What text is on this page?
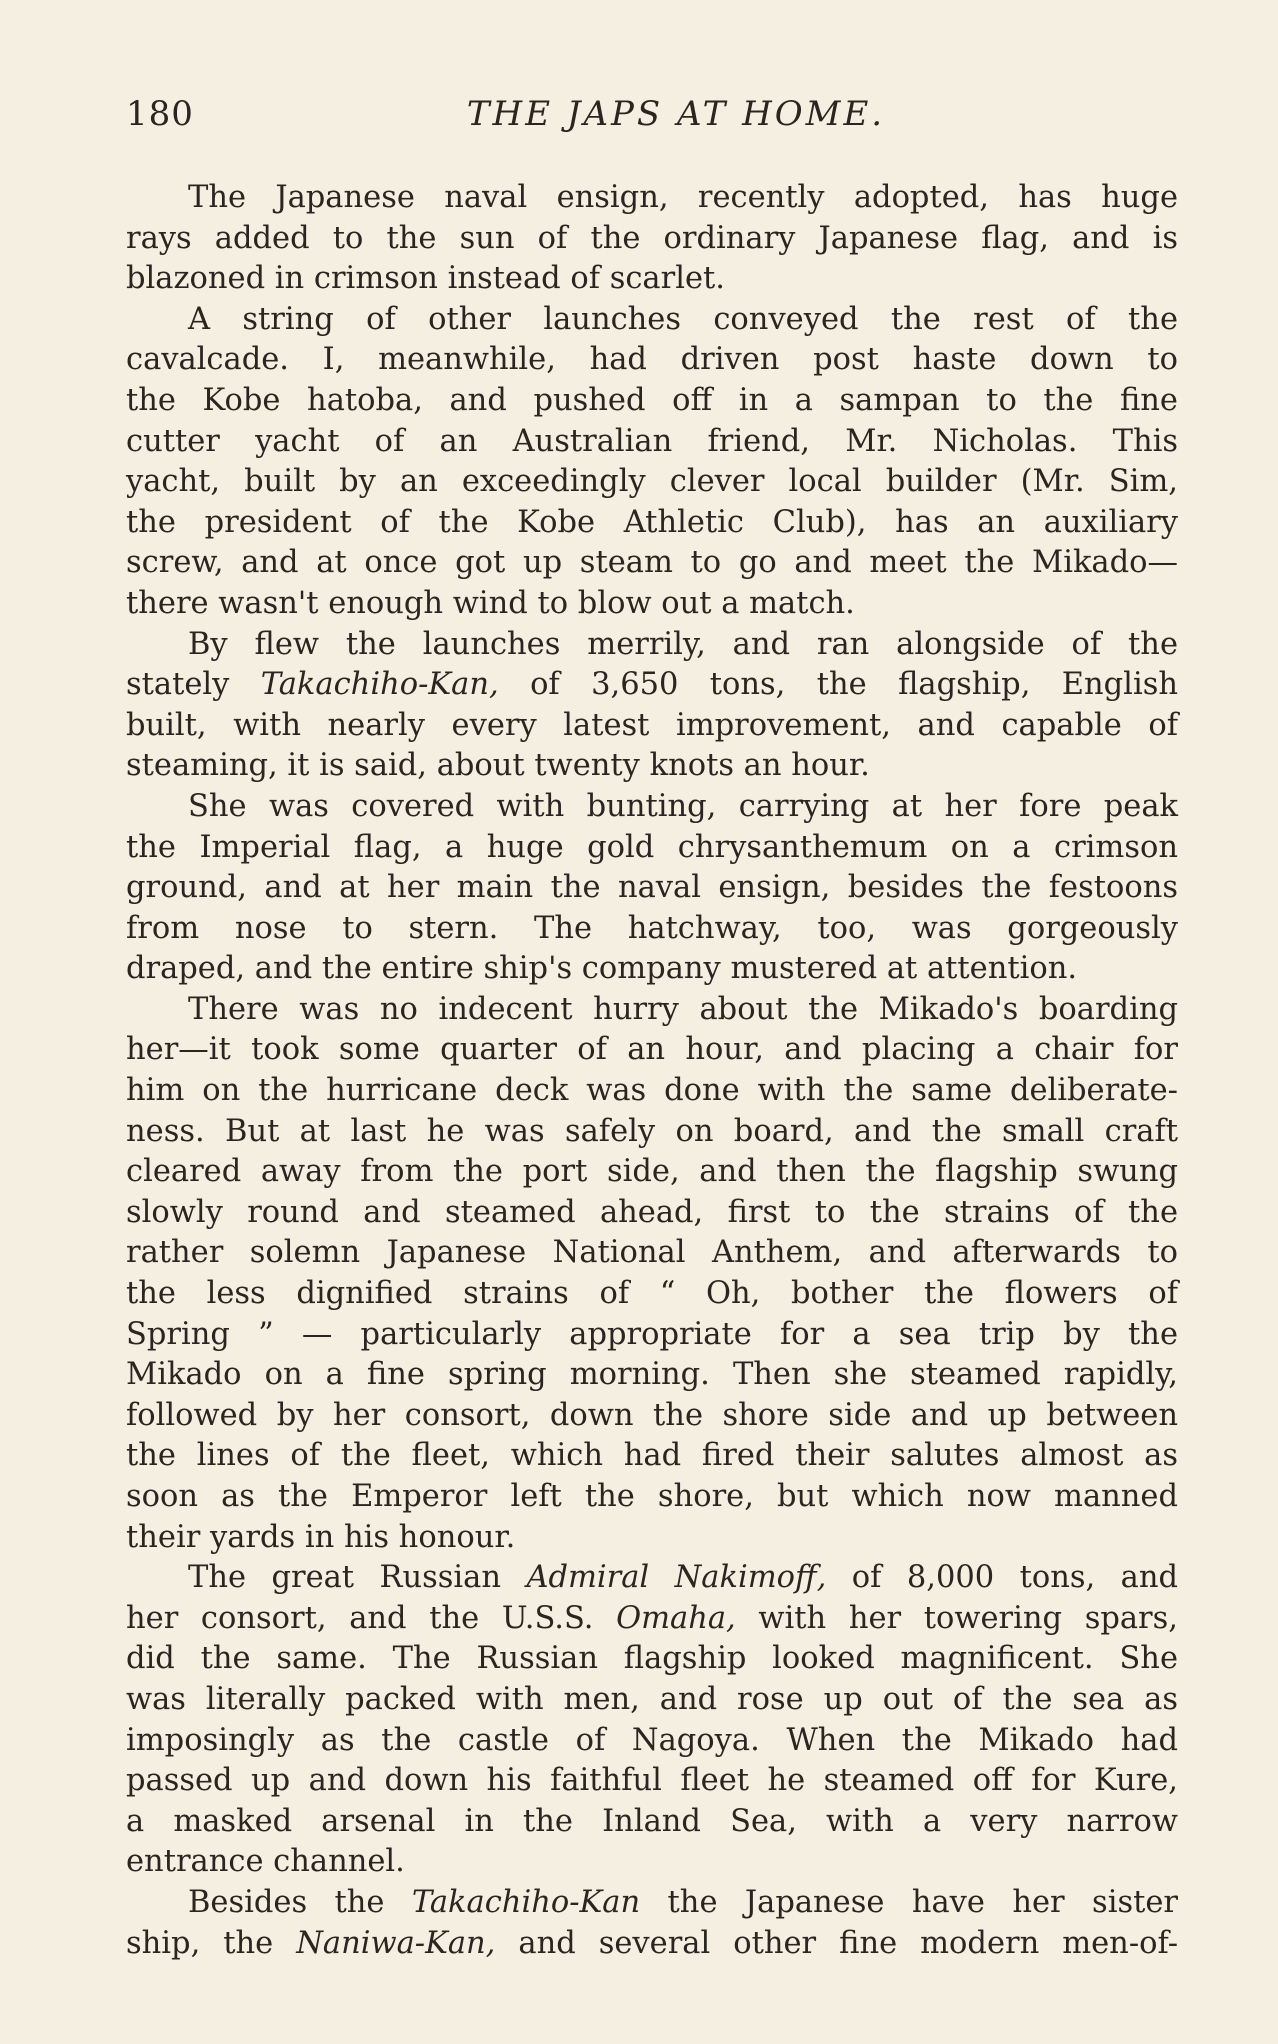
180	THE JAPS AT HOME.
The Japanese naval ensign, recently adopted, has huge
rays added to the sun of the ordinary Japanese flag, and is
blazoned in crimson instead of scarlet.
A string of other launches conveyed the rest of the
cavalcade. I, meanwhile, had driven post haste down to
the Kobe hatoba, and pushed off in a sampan to the fine
cutter yacht of an Australian friend, Mr. Nicholas. This
yacht, built by an exceedingly clever local builder (Mr. Sim,
the president of the Kobe Athletic Club), has an auxiliary
screw, and at once got up steam to go and meet the Mikado—
there wasn't enough wind to blow out a match.
By flew the launches merrily, and ran alongside of the
stately Takachiho-Kan, of 3,650 tons, the flagship, English
built, with nearly every latest improvement, and capable of
steaming, it is said, about twenty knots an hour.
She was covered with bunting, carrying at her fore peak
the Imperial flag, a huge gold chrysanthemum on a crimson
ground, and at her main the naval ensign, besides the festoons
from nose to stern. The hatchway, too, was gorgeously
draped, and the entire ship's company mustered at attention.
There was no indecent hurry about the Mikado's boarding
her—it took some quarter of an hour, and placing a chair for
him on the hurricane deck was done with the same deliberate-
ness. But at last he was safely on board, and the small craft
cleared away from the port side, and then the flagship swung
slowly round and steamed ahead, first to the strains of the
rather solemn Japanese National Anthem, and afterwards to
the less dignified strains of “ Oh, bother the flowers of
Spring ” — particularly appropriate for a sea trip by the
Mikado on a fine spring morning. Then she steamed rapidly,
followed by her consort, down the shore side and up between
the lines of the fleet, which had fired their salutes almost as
soon as the Emperor left the shore, but which now manned
their yards in his honour.
The great Russian Admiral Nakimoff, of 8,000 tons, and
her consort, and the U.S.S. Omaha, with her towering spars,
did the same. The Russian flagship looked magnificent. She
was literally packed with men, and rose up out of the sea as
imposingly as the castle of Nagoya. When the Mikado had
passed up and down his faithful fleet he steamed off for Kure,
a masked arsenal in the Inland Sea, with a very narrow
entrance channel.
Besides the Takachiho-Kan the Japanese have her sister
ship, the Naniwa-Kan, and several other fine modern men-of-
